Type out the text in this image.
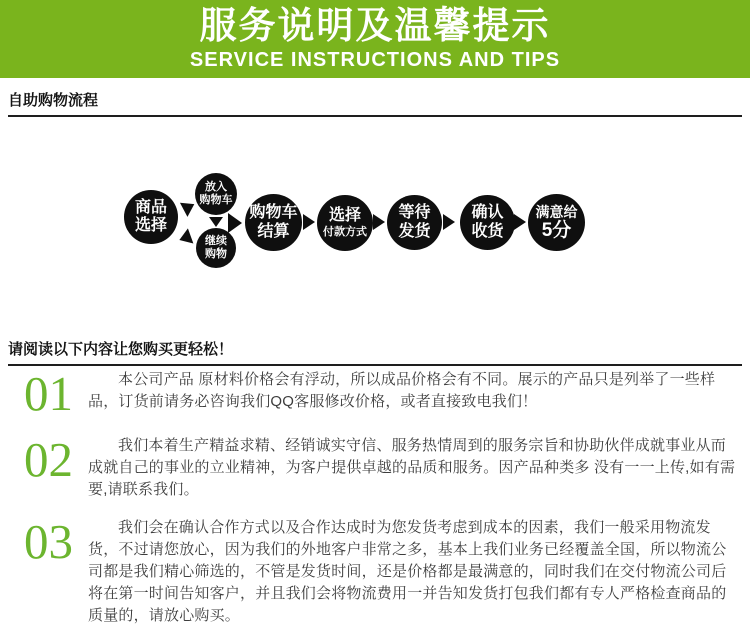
服务说明及温馨提示
SERVICE INSTRUCTIONS AND TIPS
自助购物流程
商品
选择
放入
购物车
继续
购物
购物车
结算
选择
付款方式
等待
发货
确认
收货
满意给
5分
请阅读以下内容让您购买更轻松！
01	本公司产品 原材料价格会有浮动，所以成品价格会有不同。展示的产品只是列举了一些样品，订货前请务必咨询我们QQ客服修改价格，或者直接致电我们！

02	我们本着生产精益求精、经销诚实守信、服务热情周到的服务宗旨和协助伙伴成就事业从而成就自己的事业的立业精神，为客户提供卓越的品质和服务。因产品种类多 没有一一上传,如有需要,请联系我们。

03	我们会在确认合作方式以及合作达成时为您发货考虑到成本的因素，我们一般采用物流发货，不过请您放心，因为我们的外地客户非常之多，基本上我们业务已经覆盖全国，所以物流公司都是我们精心筛选的，不管是发货时间，还是价格都是最满意的，同时我们在交付物流公司后将在第一时间告知客户，并且我们会将物流费用一并告知发货打包我们都有专人严格检查商品的质量的，请放心购买。
